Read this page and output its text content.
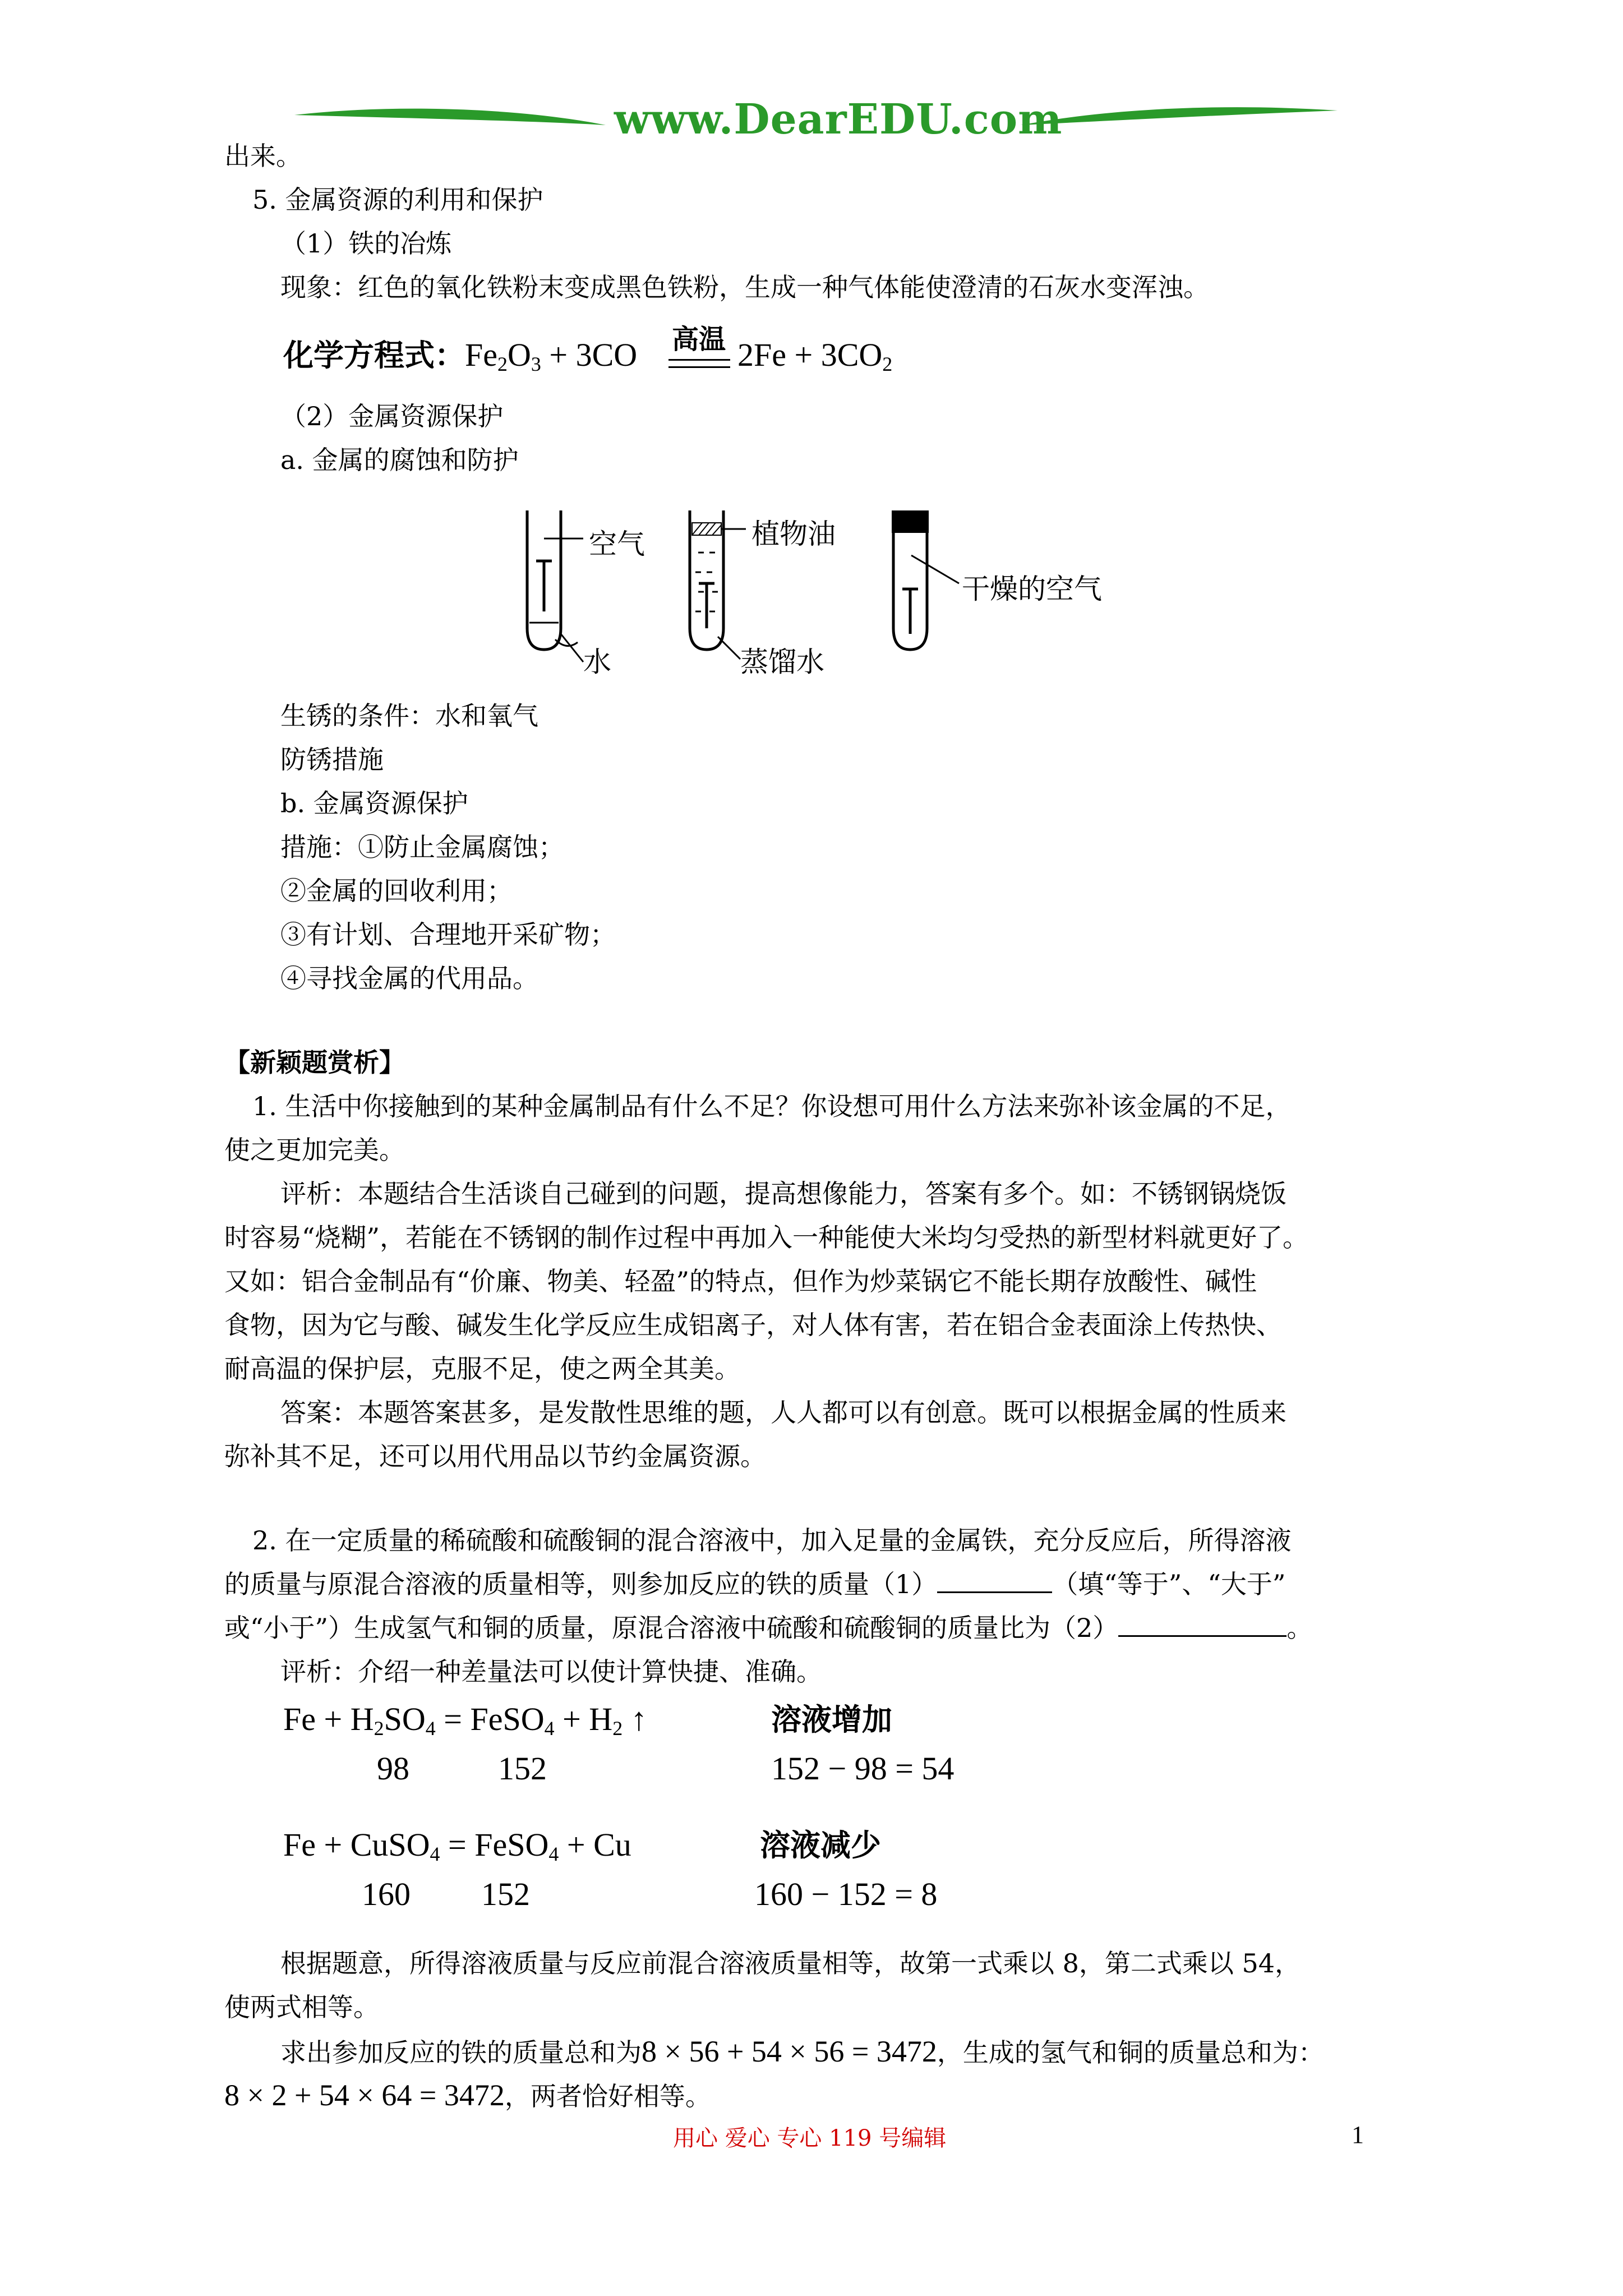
www.DearEDU.com
出来。
5. 金属资源的利用和保护
（1）铁的冶炼
现象：红色的氧化铁粉末变成黑色铁粉，生成一种气体能使澄清的石灰水变浑浊。
化学方程式：$Fe_2O_3 + 3CO$ 高温 $2Fe + 3CO_2$
（2）金属资源保护
a. 金属的腐蚀和防护
空气
水
植物油
蒸馏水
干燥的空气
生锈的条件：水和氧气
防锈措施
b. 金属资源保护
措施：①防止金属腐蚀；
②金属的回收利用；
③有计划、合理地开采矿物；
④寻找金属的代用品。
【新颖题赏析】
1. 生活中你接触到的某种金属制品有什么不足？你设想可用什么方法来弥补该金属的不足，
使之更加完美。
评析：本题结合生活谈自己碰到的问题，提高想像能力，答案有多个。如：不锈钢锅烧饭
时容易“烧糊”，若能在不锈钢的制作过程中再加入一种能使大米均匀受热的新型材料就更好了。
又如：铝合金制品有“价廉、物美、轻盈”的特点，但作为炒菜锅它不能长期存放酸性、碱性
食物，因为它与酸、碱发生化学反应生成铝离子，对人体有害，若在铝合金表面涂上传热快、
耐高温的保护层，克服不足，使之两全其美。
答案：本题答案甚多，是发散性思维的题，人人都可以有创意。既可以根据金属的性质来
弥补其不足，还可以用代用品以节约金属资源。
2. 在一定质量的稀硫酸和硫酸铜的混合溶液中，加入足量的金属铁，充分反应后，所得溶液
的质量与原混合溶液的质量相等，则参加反应的铁的质量（1）	（填“等于”、“大于”
或“小于”）生成氢气和铜的质量，原混合溶液中硫酸和硫酸铜的质量比为（2）	。
评析：介绍一种差量法可以使计算快捷、准确。
$Fe + H_2SO_4$ = FeSO$_4$ + $H_2$ ↑	溶液增加
98	152	152 − 98 = 54
Fe + CuSO$_4$ = FeSO$_4$ + Cu	溶液减少
160 152	160 − 152 = 8
根据题意，所得溶液质量与反应前混合溶液质量相等，故第一式乘以 8，第二式乘以 54，
使两式相等。
求出参加反应的铁的质量总和为8 × 56 + 54 × 56 = 3472，生成的氢气和铜的质量总和为：
8 × 2 + 54 × 64 = 3472，两者恰好相等。
用心 爱心 专心 119 号编辑	1
